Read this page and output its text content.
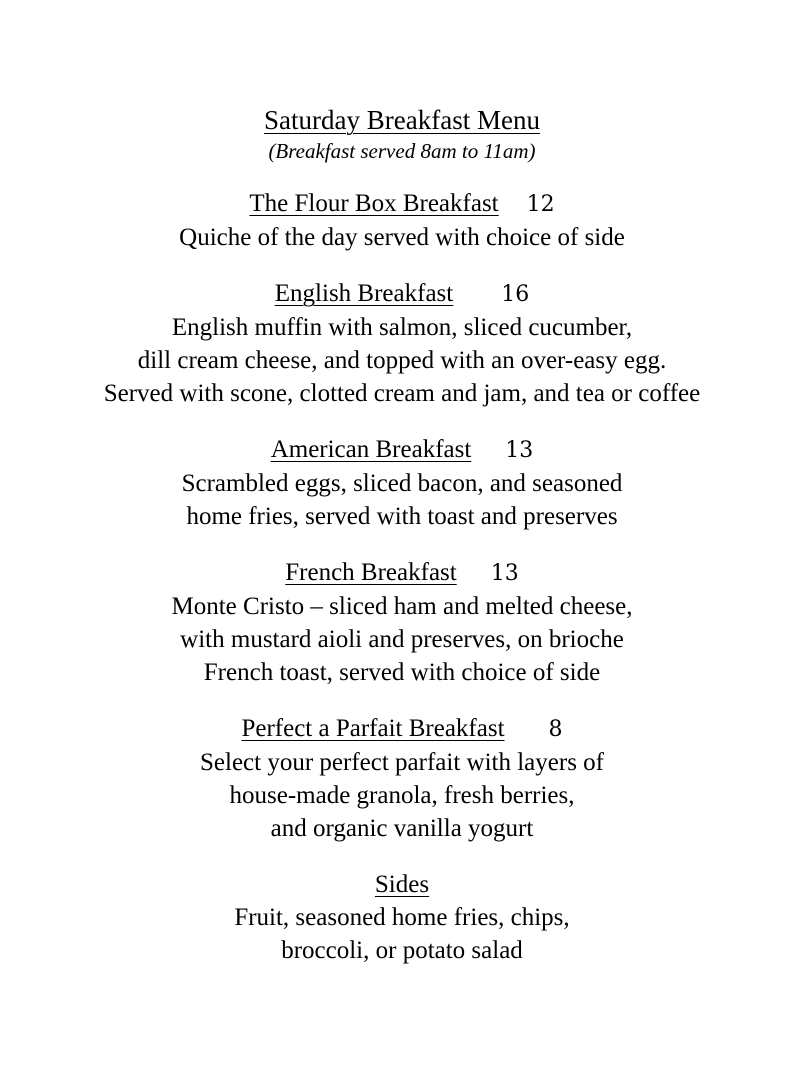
Saturday Breakfast Menu

(Breakfast served 8am to 11am)

The Flour Box Breakfast 12

Quiche of the day served with choice of side

English Breakfast 16

English muffin with salmon, sliced cucumber,

dill cream cheese, and topped with an over-easy egg.

Served with scone, clotted cream and jam, and tea or coffee

American Breakfast 13

Scrambled eggs, sliced bacon, and seasoned

home fries, served with toast and preserves

French Breakfast 13

Monte Cristo – sliced ham and melted cheese,

with mustard aioli and preserves, on brioche

French toast, served with choice of side

Perfect a Parfait Breakfast 8

Select your perfect parfait with layers of

house-made granola, fresh berries,

and organic vanilla yogurt

Sides

Fruit, seasoned home fries, chips,

broccoli, or potato salad
